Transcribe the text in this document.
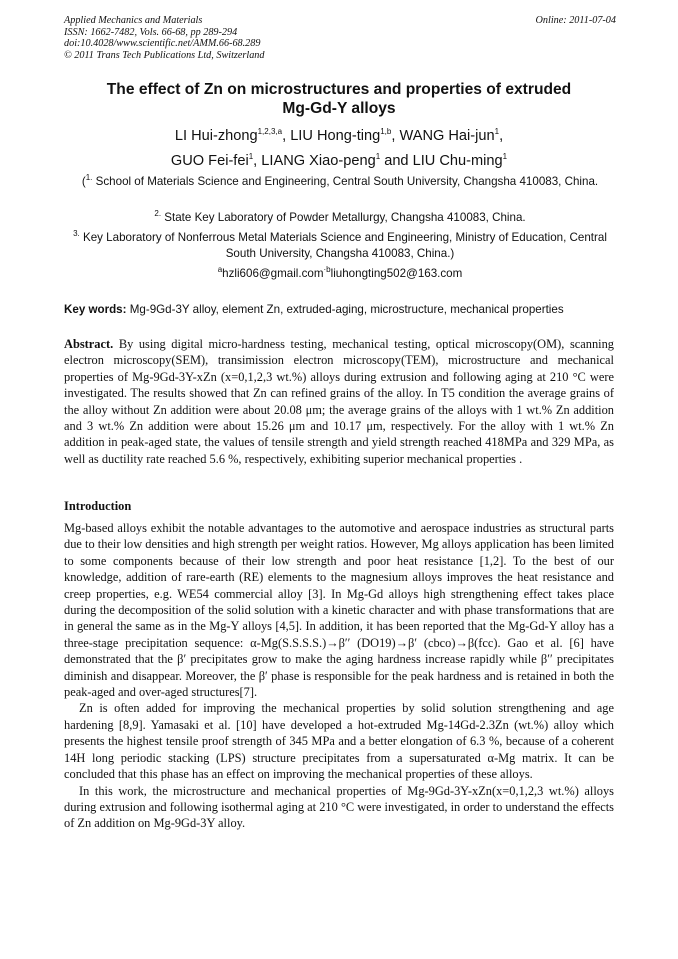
Applied Mechanics and Materials
ISSN: 1662-7482, Vols. 66-68, pp 289-294
doi:10.4028/www.scientific.net/AMM.66-68.289
© 2011 Trans Tech Publications Ltd, Switzerland
Online: 2011-07-04
The effect of Zn on microstructures and properties of extruded
Mg-Gd-Y alloys
LI Hui-zhong$^{1,2,3,a}$, LIU Hong-ting$^{1,b}$, WANG Hai-jun$^1$,
GUO Fei-fei$^1$, LIANG Xiao-peng$^1$ and LIU Chu-ming$^1$
($^{1.}$ School of Materials Science and Engineering, Central South University, Changsha 410083, China.
$^{2.}$ State Key Laboratory of Powder Metallurgy, Changsha 410083, China.
$^{3.}$ Key Laboratory of Nonferrous Metal Materials Science and Engineering, Ministry of Education, Central South University, Changsha 410083, China.)
$^a$hzli606@gmail.com$^{\cdot b}$liuhongting502@163.com
Key words: Mg-9Gd-3Y alloy, element Zn, extruded-aging, microstructure, mechanical properties

Abstract. By using digital micro-hardness testing, mechanical testing, optical microscopy(OM), scanning electron microscopy(SEM), transimission electron microscopy(TEM), microstructure and mechanical properties of Mg-9Gd-3Y-xZn (x=0,1,2,3 wt.%) alloys during extrusion and following aging at 210 °C were investigated. The results showed that Zn can refined grains of the alloy. In T5 condition the average grains of the alloy without Zn addition were about 20.08 μm; the average grains of the alloys with 1 wt.% Zn addition and 3 wt.% Zn addition were about 15.26 μm and 10.17 μm, respectively. For the alloy with 1 wt.% Zn addition in peak-aged state, the values of tensile strength and yield strength reached 418MPa and 329 MPa, as well as ductility rate reached 5.6 %, respectively, exhibiting superior mechanical properties .

Introduction

Mg-based alloys exhibit the notable advantages to the automotive and aerospace industries as structural parts due to their low densities and high strength per weight ratios. However, Mg alloys application has been limited to some components because of their low strength and poor heat resistance [1,2]. To the best of our knowledge, addition of rare-earth (RE) elements to the magnesium alloys improves the heat resistance and creep properties, e.g. WE54 commercial alloy [3]. In Mg-Gd alloys high strengthening effect takes place during the decomposition of the solid solution with a kinetic character and with phase transformations that are in general the same as in the Mg-Y alloys [4,5]. In addition, it has been reported that the Mg-Gd-Y alloy has a three-stage precipitation sequence: α-Mg(S.S.S.S.)→β′′ (DO19)→β′ (cbco)→β(fcc). Gao et al. [6] have demonstrated that the β′ precipitates grow to make the aging hardness increase rapidly while β′′ precipitates diminish and disappear. Moreover, the β′ phase is responsible for the peak hardness and is retained in both the peak-aged and over-aged structures[7].

Zn is often added for improving the mechanical properties by solid solution strengthening and age hardening [8,9]. Yamasaki et al. [10] have developed a hot-extruded Mg-14Gd-2.3Zn (wt.%) alloy which presents the highest tensile proof strength of 345 MPa and a better elongation of 6.3 %, because of a coherent 14H long periodic stacking (LPS) structure precipitates from a supersaturated α-Mg matrix. It can be concluded that this phase has an effect on improving the mechanical properties of these alloys.

In this work, the microstructure and mechanical properties of Mg-9Gd-3Y-xZn(x=0,1,2,3 wt.%) alloys during extrusion and following isothermal aging at 210 °C were investigated, in order to understand the effects of Zn addition on Mg-9Gd-3Y alloy.
